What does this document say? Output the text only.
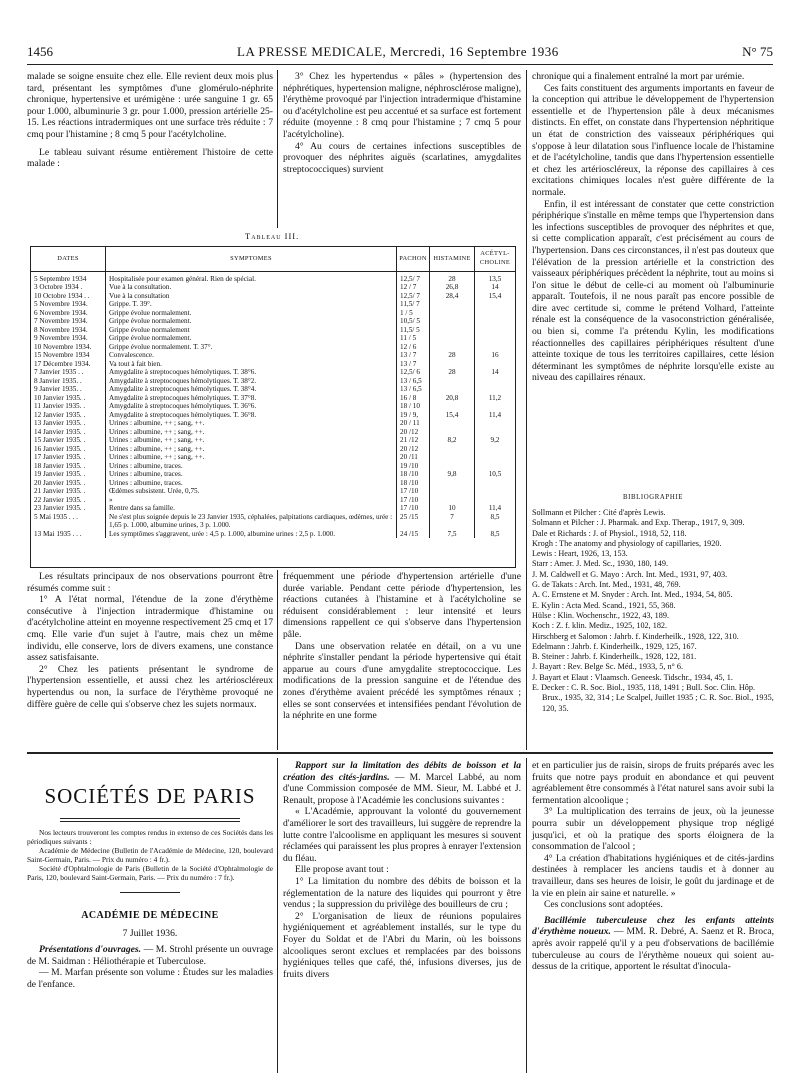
1456	LA PRESSE MEDICALE, Mercredi, 16 Septembre 1936	N° 75

malade se soigne ensuite chez elle. Elle revient deux mois plus tard, présentant les symptômes d'une glomérulo-néphrite chronique, hypertensive et urémigène : urée sanguine 1 gr. 65 pour 1.000, albuminurie 3 gr. pour 1.000, pression artérielle 25-15. Les réactions intradermiques ont une surface très réduite : 7 cmq pour l'histamine ; 8 cmq 5 pour l'acétylcholine.

Le tableau suivant résume entièrement l'histoire de cette malade :

3° Chez les hypertendus « pâles » (hypertension des néphrétiques, hypertension maligne, néphrosclérose maligne), l'érythème provoqué par l'injection intradermique d'histamine ou d'acétylcholine est peu accentué et sa surface est fortement réduite (moyenne : 8 cmq pour l'histamine ; 7 cmq 5 pour l'acétylcholine).

4° Au cours de certaines infections susceptibles de provoquer des néphrites aiguës (scarlatines, amygdalites streptococciques) survient

Tableau III.
DATES	SYMPTOMES	PACHON	HISTAMINE	ACÉTYL-CHOLINE
5 Septembre 1934	Hospitalisée pour examen général. Rien de spécial.	12,5/ 7	28	13,5
3 Octobre 1934 .	Vue à la consultation.	12 / 7	26,8	14
10 Octobre 1934 . .	Vue à la consultation	12,5/ 7	28,4	15,4
5 Novembre 1934.	Grippe. T. 39°.	11,5/ 7		
6 Novembre 1934.	Grippe évolue normalement.	1 / 5		
7 Novembre 1934.	Grippe évolue normalement.	10,5/ 5		
8 Novembre 1934.	Grippe évolue normalement	11,5/ 5		
9 Novembre 1934.	Grippe évolue normalement.	11 / 5		
10 Novembre 1934.	Grippe évolue normalement. T. 37°.	12 / 6		
15 Novembre 1934	Convalescence.	13 / 7	28	16
17 Décembre 1934.	Va tout à fait bien.	13 / 7		
7 Janvier 1935 . .	Amygdalite à streptocoques hémolytiques. T. 38°6.	12,5/ 6	28	14
8 Janvier 1935. .	Amygdalite à streptocoques hémolytiques. T. 38°2.	13 / 6,5		
9 Janvier 1935. .	Amygdalite à streptocoques hémolytiques. T. 38°4.	13 / 6,5		
10 Janvier 1935. .	Amygdalite à streptocoques hémolytiques. T. 37°8.	16 / 8	20,8	11,2
11 Janvier 1935. .	Amygdalite à streptocoques hémolytiques. T. 36°6.	18 / 10		
12 Janvier 1935. .	Amygdalite à streptocoques hémolytiques. T. 36°8.	19 / 9,	15,4	11,4
13 Janvier 1935. .	Urines : albumine, ++ ; sang, ++.	20 / 11		
14 Janvier 1935. .	Urines : albumine, ++ ; sang, ++.	20 /12		
15 Janvier 1935. .	Urines : albumine, ++ ; sang, ++.	21 /12	8,2	9,2
16 Janvier 1935. .	Urines : albumine, ++ ; sang, ++.	20 /12		
17 Janvier 1935. .	Urines : albumine, ++ ; sang, ++.	20 /11		
18 Janvier 1935. .	Urines : albumine, traces.	19 /10		
19 Janvier 1935. .	Urines : albumine, traces.	18 /10	9,8	10,5
20 Janvier 1935. .	Urines : albumine, traces.	18 /10		
21 Janvier 1935. .	Œdèmes subsistent. Urée, 0,75.	17 /10		
22 Janvier 1935. .	»	17 /10		
23 Janvier 1935. .	Rentre dans sa famille.	17 /10	10	11,4
5 Mai 1935 . . .	Ne s'est plus soignée depuis le 23 Janvier 1935, céphalées, palpitations cardiaques, œdèmes, urée : 1,65 p. 1.000, albumine urines, 3 p. 1.000.	25 /15	7	8,5
13 Mai 1935 . . .	Les symptômes s'aggravent, urée : 4,5 p. 1.000, albumine urines : 2,5 p. 1.000.	24 /15	7,5	8,5

chronique qui a finalement entraîné la mort par urémie.

Ces faits constituent des arguments importants en faveur de la conception qui attribue le développement de l'hypertension essentielle et de l'hypertension pâle à deux mécanismes distincts. En effet, on constate dans l'hypertension néphritique un état de constriction des vaisseaux périphériques qui s'oppose à leur dilatation sous l'influence locale de l'histamine et de l'acétylcholine, tandis que dans l'hypertension essentielle et chez les artérioscléreux, la réponse des capillaires à ces excitations chimiques locales n'est guère différente de la normale.

Enfin, il est intéressant de constater que cette constriction périphérique s'installe en même temps que l'hypertension dans les infections susceptibles de provoquer des néphrites et que, si cette complication apparaît, c'est précisément au cours de l'hypertension. Dans ces circonstances, il n'est pas douteux que l'élévation de la pression artérielle et la constriction des vaisseaux périphériques précèdent la néphrite, tout au moins si l'on situe le début de celle-ci au moment où l'albuminurie apparaît. Toutefois, il ne nous paraît pas encore possible de dire avec certitude si, comme le prétend Volhard, l'atteinte rénale est la conséquence de la vasoconstriction généralisée, ou bien si, comme l'a prétendu Kylin, les modifications réactionnelles des capillaires périphériques résultent d'une atteinte toxique de tous les territoires capillaires, cette lésion déterminant les symptômes de néphrite lorsqu'elle existe au niveau des capillaires rénaux.

BIBLIOGRAPHIE

Sollmann et Pilcher : Cité d'après Lewis.

Solmann et Pilcher : J. Pharmak. and Exp. Therap., 1917, 9, 309.

Dale et Richards : J. of Physiol., 1918, 52, 118.

Krogh : The anatomy and physiology of capillaries, 1920.

Lewis : Heart, 1926, 13, 153.

Starr : Amer. J. Med. Sc., 1930, 180, 149.

J. M. Caldwell et G. Mayo : Arch. Int. Med., 1931, 97, 403.

G. de Takats : Arch. Int. Med., 1931, 48, 769.

A. C. Ernstene et M. Snyder : Arch. Int. Med., 1934, 54, 805.

E. Kylin : Acta Med. Scand., 1921, 55, 368.

Hülse : Klin. Wochenschr., 1922, 43, 189.

Koch : Z. f. klin. Mediz., 1925, 102, 182.

Hirschberg et Salomon : Jahrb. f. Kinderheilk., 1928, 122, 310.

Edelmann : Jahrb. f. Kinderheilk., 1929, 125, 167.

B. Steiner : Jahrb. f. Kinderheilk., 1928, 122, 181.

J. Bayart : Rev. Belge Sc. Méd., 1933, 5, n° 6.

J. Bayart et Elaut : Vlaamsch. Geneesk. Tidschr., 1934, 45, 1.

E. Decker : C. R. Soc. Biol., 1935, 118, 1491 ; Bull. Soc. Clin. Hôp. Brux., 1935, 32, 314 ; Le Scalpel, Juillet 1935 ; C. R. Soc. Biol., 1935, 120, 35.

Les résultats principaux de nos observations pourront être résumés comme suit :

1° A l'état normal, l'étendue de la zone d'érythème consécutive à l'injection intradermique d'histamine ou d'acétylcholine atteint en moyenne respectivement 25 cmq et 17 cmq. Elle varie d'un sujet à l'autre, mais chez un même individu, elle conserve, lors de divers examens, une constance assez satisfaisante.

2° Chez les patients présentant le syndrome de l'hypertension essentielle, et aussi chez les artérioscléreux hypertendus ou non, la surface de l'érythème provoqué ne diffère guère de celle qui s'observe chez les sujets normaux.

fréquemment une période d'hypertension artérielle d'une durée variable. Pendant cette période d'hypertension, les réactions cutanées à l'histamine et à l'acétylcholine se réduisent considérablement : leur intensité et leurs dimensions rappellent ce qui s'observe dans l'hypertension pâle.

Dans une observation relatée en détail, on a vu une néphrite s'installer pendant la période hypertensive qui était apparue au cours d'une amygdalite streptococcique. Les modifications de la pression sanguine et de l'étendue des zones d'érythème avaient précédé les symptômes rénaux ; elles se sont conservées et intensifiées pendant l'évolution de la néphrite en une forme

SOCIÉTÉS DE PARIS

Nos lecteurs trouveront les comptes rendus in extenso de ces Sociétés dans les périodiques suivants :

Académie de Médecine (Bulletin de l'Académie de Médecine, 120, boulevard Saint-Germain, Paris. — Prix du numéro : 4 fr.).

Société d'Ophtalmologie de Paris (Bulletin de la Société d'Ophtalmologie de Paris, 120, boulevard Saint-Germain, Paris. — Prix du numéro : 7 fr.).

ACADÉMIE DE MÉDECINE
7 Juillet 1936.

Présentations d'ouvrages. — M. Strohl présente un ouvrage de M. Saidman : Héliothérapie et Tuberculose.

— M. Marfan présente son volume : Études sur les maladies de l'enfance.

Rapport sur la limitation des débits de boisson et la création des cités-jardins. — M. Marcel Labbé, au nom d'une Commission composée de MM. Sieur, M. Labbé et J. Renault, propose à l'Académie les conclusions suivantes :

« L'Académie, approuvant la volonté du gouvernement d'améliorer le sort des travailleurs, lui suggère de reprendre la lutte contre l'alcoolisme en appliquant les mesures si souvent réclamées qui paraissent les plus propres à enrayer l'extension du fléau.

Elle propose avant tout :

1° La limitation du nombre des débits de boisson et la réglementation de la nature des liquides qui pourront y être vendus ; la suppression du privilège des bouilleurs de cru ;

2° L'organisation de lieux de réunions populaires hygiéniquement et agréablement installés, sur le type du Foyer du Soldat et de l'Abri du Marin, où les boissons alcooliques seront exclues et remplacées par des boissons hygiéniques telles que café, thé, infusions diverses, jus de fruits divers

et en particulier jus de raisin, sirops de fruits préparés avec les fruits que notre pays produit en abondance et qui peuvent agréablement être consommés à l'état naturel sans avoir subi la fermentation alcoolique ;

3° La multiplication des terrains de jeux, où la jeunesse pourra subir un développement physique trop négligé jusqu'ici, et où la pratique des sports éloignera de la consommation de l'alcool ;

4° La création d'habitations hygiéniques et de cités-jardins destinées à remplacer les anciens taudis et à donner au travailleur, dans ses heures de loisir, le goût du jardinage et de la vie en plein air saine et naturelle. »

Ces conclusions sont adoptées.

Bacillémie tuberculeuse chez les enfants atteints d'érythème noueux. — MM. R. Debré, A. Saenz et R. Broca, après avoir rappelé qu'il y a peu d'observations de bacillémie tuberculeuse au cours de l'érythème noueux qui soient au-dessus de la critique, apportent le résultat d'inocula-
